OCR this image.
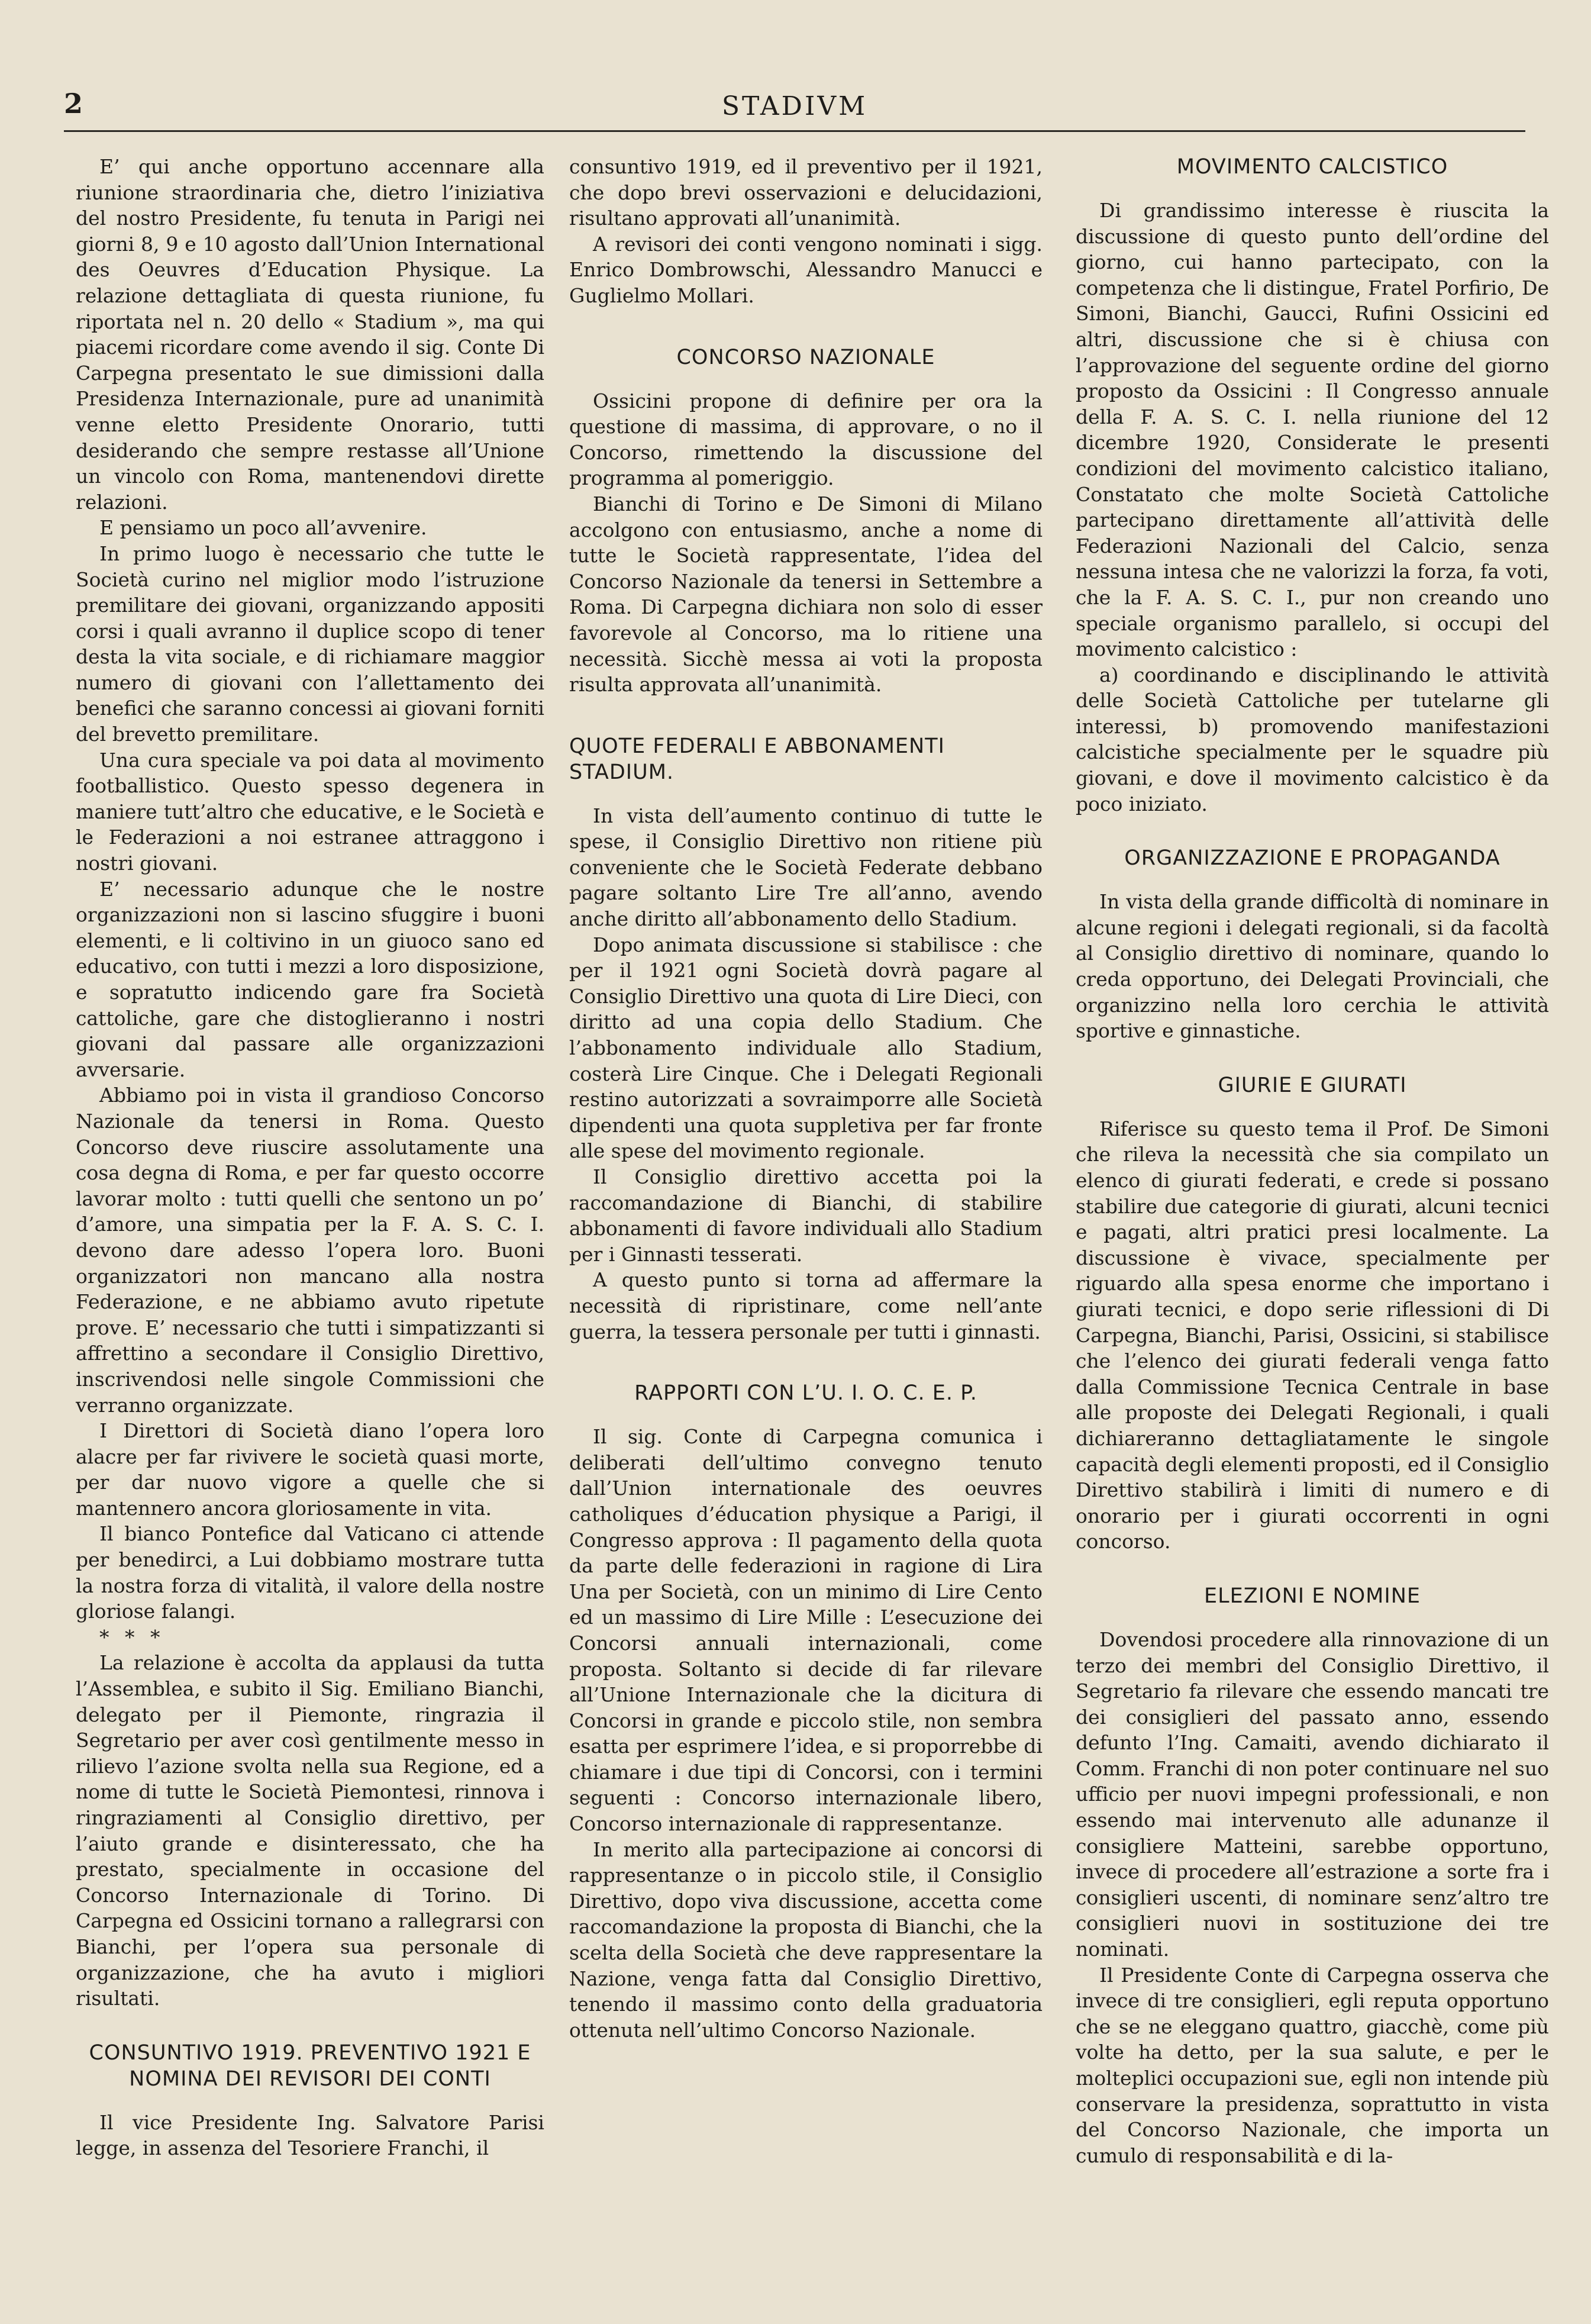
2	STADIVM

E’ qui anche opportuno accennare alla riunione straordinaria che, dietro l’iniziativa del nostro Presidente, fu tenuta in Parigi nei giorni 8, 9 e 10 agosto dall’Union International des Oeuvres d’Education Physique. La relazione dettagliata di questa riunione, fu riportata nel n. 20 dello « Stadium », ma qui piacemi ricordare come avendo il sig. Conte Di Carpegna presentato le sue dimissioni dalla Presidenza Internazionale, pure ad unanimità venne eletto Presidente Onorario, tutti desiderando che sempre restasse all’Unione un vincolo con Roma, mantenendovi dirette relazioni.

E pensiamo un poco all’avvenire.

In primo luogo è necessario che tutte le Società curino nel miglior modo l’istruzione premilitare dei giovani, organizzando appositi corsi i quali avranno il duplice scopo di tener desta la vita sociale, e di richiamare maggior numero di giovani con l’allettamento dei benefici che saranno concessi ai giovani forniti del brevetto premilitare.

Una cura speciale va poi data al movimento footballistico. Questo spesso degenera in maniere tutt’altro che educative, e le Società e le Federazioni a noi estranee attraggono i nostri giovani.

E’ necessario adunque che le nostre organizzazioni non si lascino sfuggire i buoni elementi, e li coltivino in un giuoco sano ed educativo, con tutti i mezzi a loro disposizione, e sopratutto indicendo gare fra Società cattoliche, gare che distoglieranno i nostri giovani dal passare alle organizzazioni avversarie.

Abbiamo poi in vista il grandioso Concorso Nazionale da tenersi in Roma. Questo Concorso deve riuscire assolutamente una cosa degna di Roma, e per far questo occorre lavorar molto : tutti quelli che sentono un po’ d’amore, una simpatia per la F. A. S. C. I. devono dare adesso l’opera loro. Buoni organizzatori non mancano alla nostra Federazione, e ne abbiamo avuto ripetute prove. E’ necessario che tutti i simpatizzanti si affrettino a secondare il Consiglio Direttivo, inscrivendosi nelle singole Commissioni che verranno organizzate.

I Direttori di Società diano l’opera loro alacre per far rivivere le società quasi morte, per dar nuovo vigore a quelle che si mantennero ancora gloriosamente in vita.

Il bianco Pontefice dal Vaticano ci attende per benedirci, a Lui dobbiamo mostrare tutta la nostra forza di vitalità, il valore della nostre gloriose falangi.

* * *

La relazione è accolta da applausi da tutta l’Assemblea, e subito il Sig. Emiliano Bianchi, delegato per il Piemonte, ringrazia il Segretario per aver così gentilmente messo in rilievo l’azione svolta nella sua Regione, ed a nome di tutte le Società Piemontesi, rinnova i ringraziamenti al Consiglio direttivo, per l’aiuto grande e disinteressato, che ha prestato, specialmente in occasione del Concorso Internazionale di Torino. Di Carpegna ed Ossicini tornano a rallegrarsi con Bianchi, per l’opera sua personale di organizzazione, che ha avuto i migliori risultati.

CONSUNTIVO 1919. PREVENTIVO 1921 E NOMINA DEI REVISORI DEI CONTI

Il vice Presidente Ing. Salvatore Parisi legge, in assenza del Tesoriere Franchi, il

consuntivo 1919, ed il preventivo per il 1921, che dopo brevi osservazioni e delucidazioni, risultano approvati all’unanimità.

A revisori dei conti vengono nominati i sigg. Enrico Dombrowschi, Alessandro Manucci e Guglielmo Mollari.

CONCORSO NAZIONALE

Ossicini propone di definire per ora la questione di massima, di approvare, o no il Concorso, rimettendo la discussione del programma al pomeriggio.

Bianchi di Torino e De Simoni di Milano accolgono con entusiasmo, anche a nome di tutte le Società rappresentate, l’idea del Concorso Nazionale da tenersi in Settembre a Roma. Di Carpegna dichiara non solo di esser favorevole al Concorso, ma lo ritiene una necessità. Sicchè messa ai voti la proposta risulta approvata all’unanimità.

QUOTE FEDERALI E ABBONAMENTI STADIUM.

In vista dell’aumento continuo di tutte le spese, il Consiglio Direttivo non ritiene più conveniente che le Società Federate debbano pagare soltanto Lire Tre all’anno, avendo anche diritto all’abbonamento dello Stadium.

Dopo animata discussione si stabilisce : che per il 1921 ogni Società dovrà pagare al Consiglio Direttivo una quota di Lire Dieci, con diritto ad una copia dello Stadium. Che l’abbonamento individuale allo Stadium, costerà Lire Cinque. Che i Delegati Regionali restino autorizzati a sovraimporre alle Società dipendenti una quota suppletiva per far fronte alle spese del movimento regionale.

Il Consiglio direttivo accetta poi la raccomandazione di Bianchi, di stabilire abbonamenti di favore individuali allo Stadium per i Ginnasti tesserati.

A questo punto si torna ad affermare la necessità di ripristinare, come nell’ante guerra, la tessera personale per tutti i ginnasti.

RAPPORTI CON L’U. I. O. C. E. P.

Il sig. Conte di Carpegna comunica i deliberati dell’ultimo convegno tenuto dall’Union internationale des oeuvres catholiques d’éducation physique a Parigi, il Congresso approva : Il pagamento della quota da parte delle federazioni in ragione di Lira Una per Società, con un minimo di Lire Cento ed un massimo di Lire Mille : L’esecuzione dei Concorsi annuali internazionali, come proposta. Soltanto si decide di far rilevare all’Unione Internazionale che la dicitura di Concorsi in grande e piccolo stile, non sembra esatta per esprimere l’idea, e si proporrebbe di chiamare i due tipi di Concorsi, con i termini seguenti : Concorso internazionale libero, Concorso internazionale di rappresentanze.

In merito alla partecipazione ai concorsi di rappresentanze o in piccolo stile, il Consiglio Direttivo, dopo viva discussione, accetta come raccomandazione la proposta di Bianchi, che la scelta della Società che deve rappresentare la Nazione, venga fatta dal Consiglio Direttivo, tenendo il massimo conto della graduatoria ottenuta nell’ultimo Concorso Nazionale.

MOVIMENTO CALCISTICO

Di grandissimo interesse è riuscita la discussione di questo punto dell’ordine del giorno, cui hanno partecipato, con la competenza che li distingue, Fratel Porfirio, De Simoni, Bianchi, Gaucci, Rufini Ossicini ed altri, discussione che si è chiusa con l’approvazione del seguente ordine del giorno proposto da Ossicini : Il Congresso annuale della F. A. S. C. I. nella riunione del 12 dicembre 1920, Considerate le presenti condizioni del movimento calcistico italiano, Constatato che molte Società Cattoliche partecipano direttamente all’attività delle Federazioni Nazionali del Calcio, senza nessuna intesa che ne valorizzi la forza, fa voti, che la F. A. S. C. I., pur non creando uno speciale organismo parallelo, si occupi del movimento calcistico :

a) coordinando e disciplinando le attività delle Società Cattoliche per tutelarne gli interessi, b) promovendo manifestazioni calcistiche specialmente per le squadre più giovani, e dove il movimento calcistico è da poco iniziato.

ORGANIZZAZIONE E PROPAGANDA

In vista della grande difficoltà di nominare in alcune regioni i delegati regionali, si da facoltà al Consiglio direttivo di nominare, quando lo creda opportuno, dei Delegati Provinciali, che organizzino nella loro cerchia le attività sportive e ginnastiche.

GIURIE E GIURATI

Riferisce su questo tema il Prof. De Simoni che rileva la necessità che sia compilato un elenco di giurati federati, e crede si possano stabilire due categorie di giurati, alcuni tecnici e pagati, altri pratici presi localmente. La discussione è vivace, specialmente per riguardo alla spesa enorme che importano i giurati tecnici, e dopo serie riflessioni di Di Carpegna, Bianchi, Parisi, Ossicini, si stabilisce che l’elenco dei giurati federali venga fatto dalla Commissione Tecnica Centrale in base alle proposte dei Delegati Regionali, i quali dichiareranno dettagliatamente le singole capacità degli elementi proposti, ed il Consiglio Direttivo stabilirà i limiti di numero e di onorario per i giurati occorrenti in ogni concorso.

ELEZIONI E NOMINE

Dovendosi procedere alla rinnovazione di un terzo dei membri del Consiglio Direttivo, il Segretario fa rilevare che essendo mancati tre dei consiglieri del passato anno, essendo defunto l’Ing. Camaiti, avendo dichiarato il Comm. Franchi di non poter continuare nel suo ufficio per nuovi impegni professionali, e non essendo mai intervenuto alle adunanze il consigliere Matteini, sarebbe opportuno, invece di procedere all’estrazione a sorte fra i consiglieri uscenti, di nominare senz’altro tre consiglieri nuovi in sostituzione dei tre nominati.

Il Presidente Conte di Carpegna osserva che invece di tre consiglieri, egli reputa opportuno che se ne eleggano quattro, giacchè, come più volte ha detto, per la sua salute, e per le molteplici occupazioni sue, egli non intende più conservare la presidenza, soprattutto in vista del Concorso Nazionale, che importa un cumulo di responsabilità e di la-
